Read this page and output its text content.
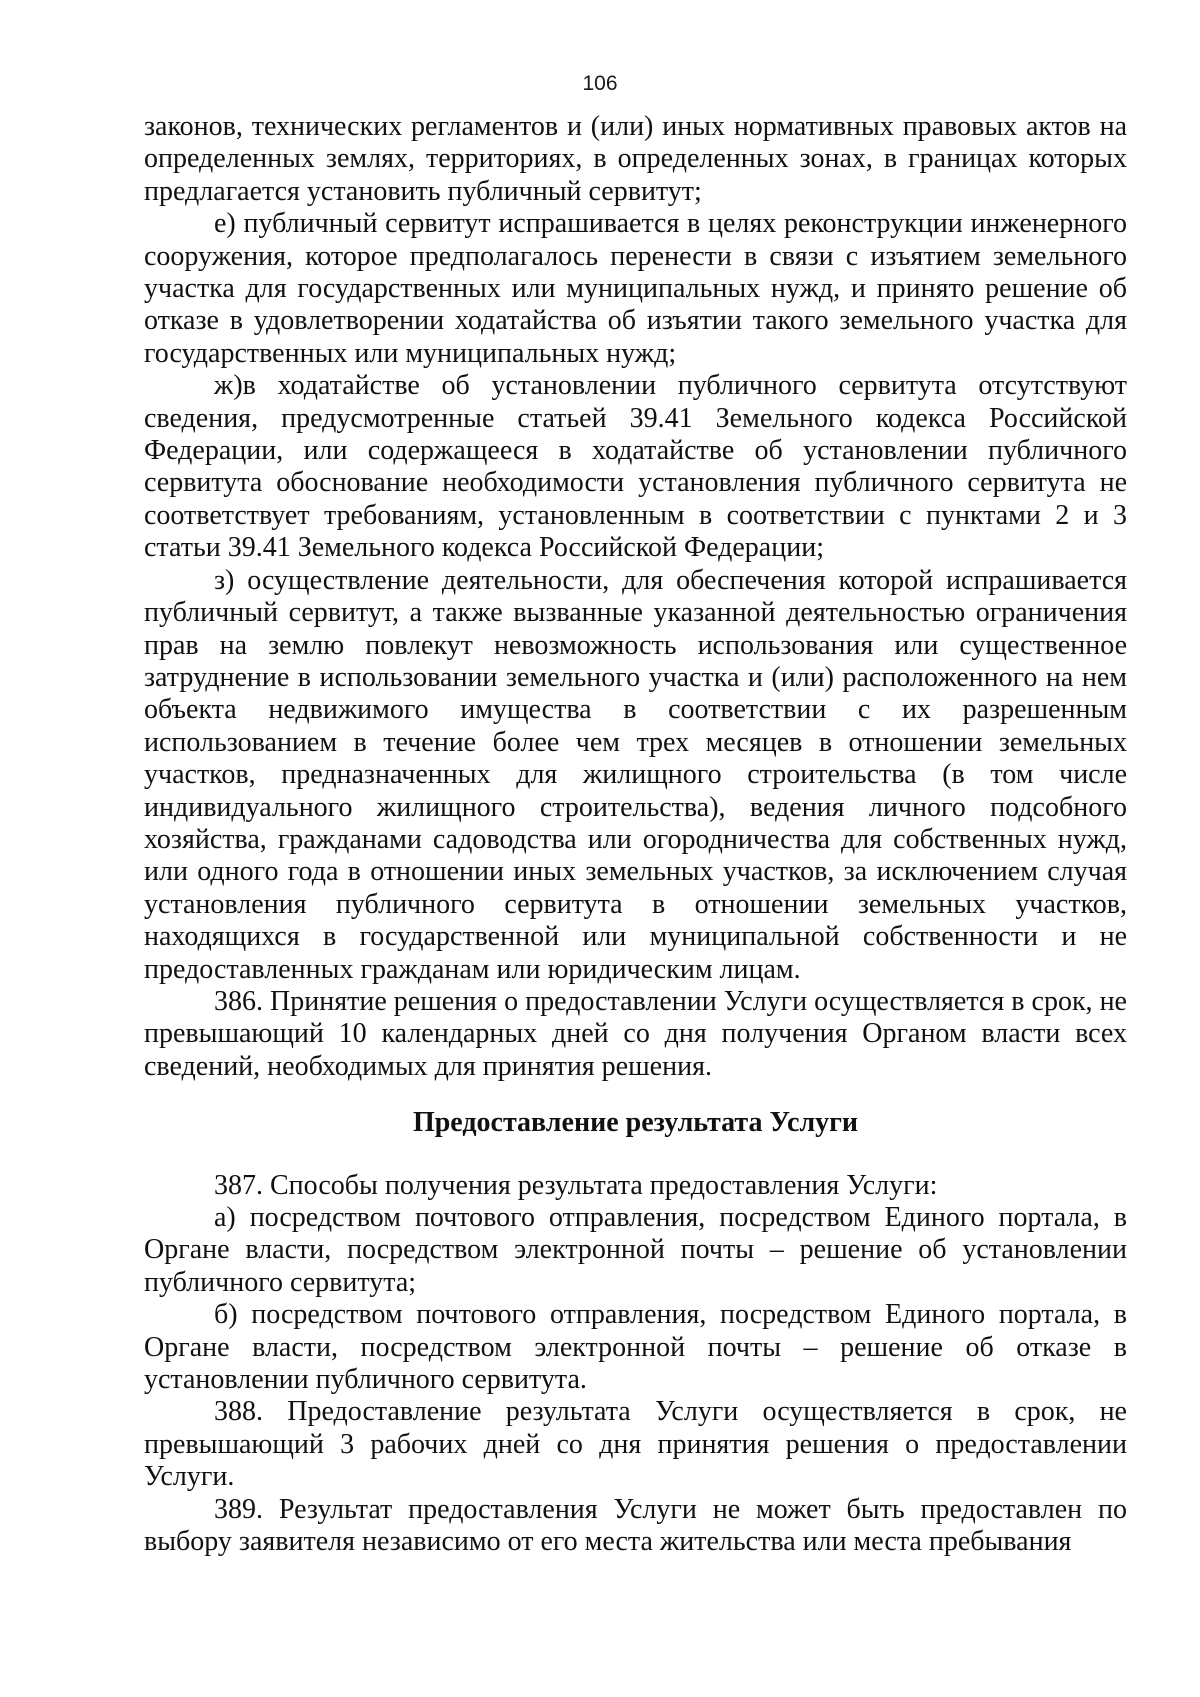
106

законов, технических регламентов и (или) иных нормативных правовых актов на определенных землях, территориях, в определенных зонах, в границах которых предлагается установить публичный сервитут;

е) публичный сервитут испрашивается в целях реконструкции инженерного сооружения, которое предполагалось перенести в связи с изъятием земельного участка для государственных или муниципальных нужд, и принято решение об отказе в удовлетворении ходатайства об изъятии такого земельного участка для государственных или муниципальных нужд;

ж)в ходатайстве об установлении публичного сервитута отсутствуют сведения, предусмотренные статьей 39.41 Земельного кодекса Российской Федерации, или содержащееся в ходатайстве об установлении публичного сервитута обоснование необходимости установления публичного сервитута не соответствует требованиям, установленным в соответствии с пунктами 2 и 3 статьи 39.41 Земельного кодекса Российской Федерации;

з) осуществление деятельности, для обеспечения которой испрашивается публичный сервитут, а также вызванные указанной деятельностью ограничения прав на землю повлекут невозможность использования или существенное затруднение в использовании земельного участка и (или) расположенного на нем объекта недвижимого имущества в соответствии с их разрешенным использованием в течение более чем трех месяцев в отношении земельных участков, предназначенных для жилищного строительства (в том числе индивидуального жилищного строительства), ведения личного подсобного хозяйства, гражданами садоводства или огородничества для собственных нужд, или одного года в отношении иных земельных участков, за исключением случая установления публичного сервитута в отношении земельных участков, находящихся в государственной или муниципальной собственности и не предоставленных гражданам или юридическим лицам.

386. Принятие решения о предоставлении Услуги осуществляется в срок, не превышающий 10 календарных дней со дня получения Органом власти всех сведений, необходимых для принятия решения.

Предоставление результата Услуги

387. Способы получения результата предоставления Услуги:

а) посредством почтового отправления, посредством Единого портала, в Органе власти, посредством электронной почты – решение об установлении публичного сервитута;

б) посредством почтового отправления, посредством Единого портала, в Органе власти, посредством электронной почты – решение об отказе в установлении публичного сервитута.

388. Предоставление результата Услуги осуществляется в срок, не превышающий 3 рабочих дней со дня принятия решения о предоставлении Услуги.

389. Результат предоставления Услуги не может быть предоставлен по выбору заявителя независимо от его места жительства или места пребывания
